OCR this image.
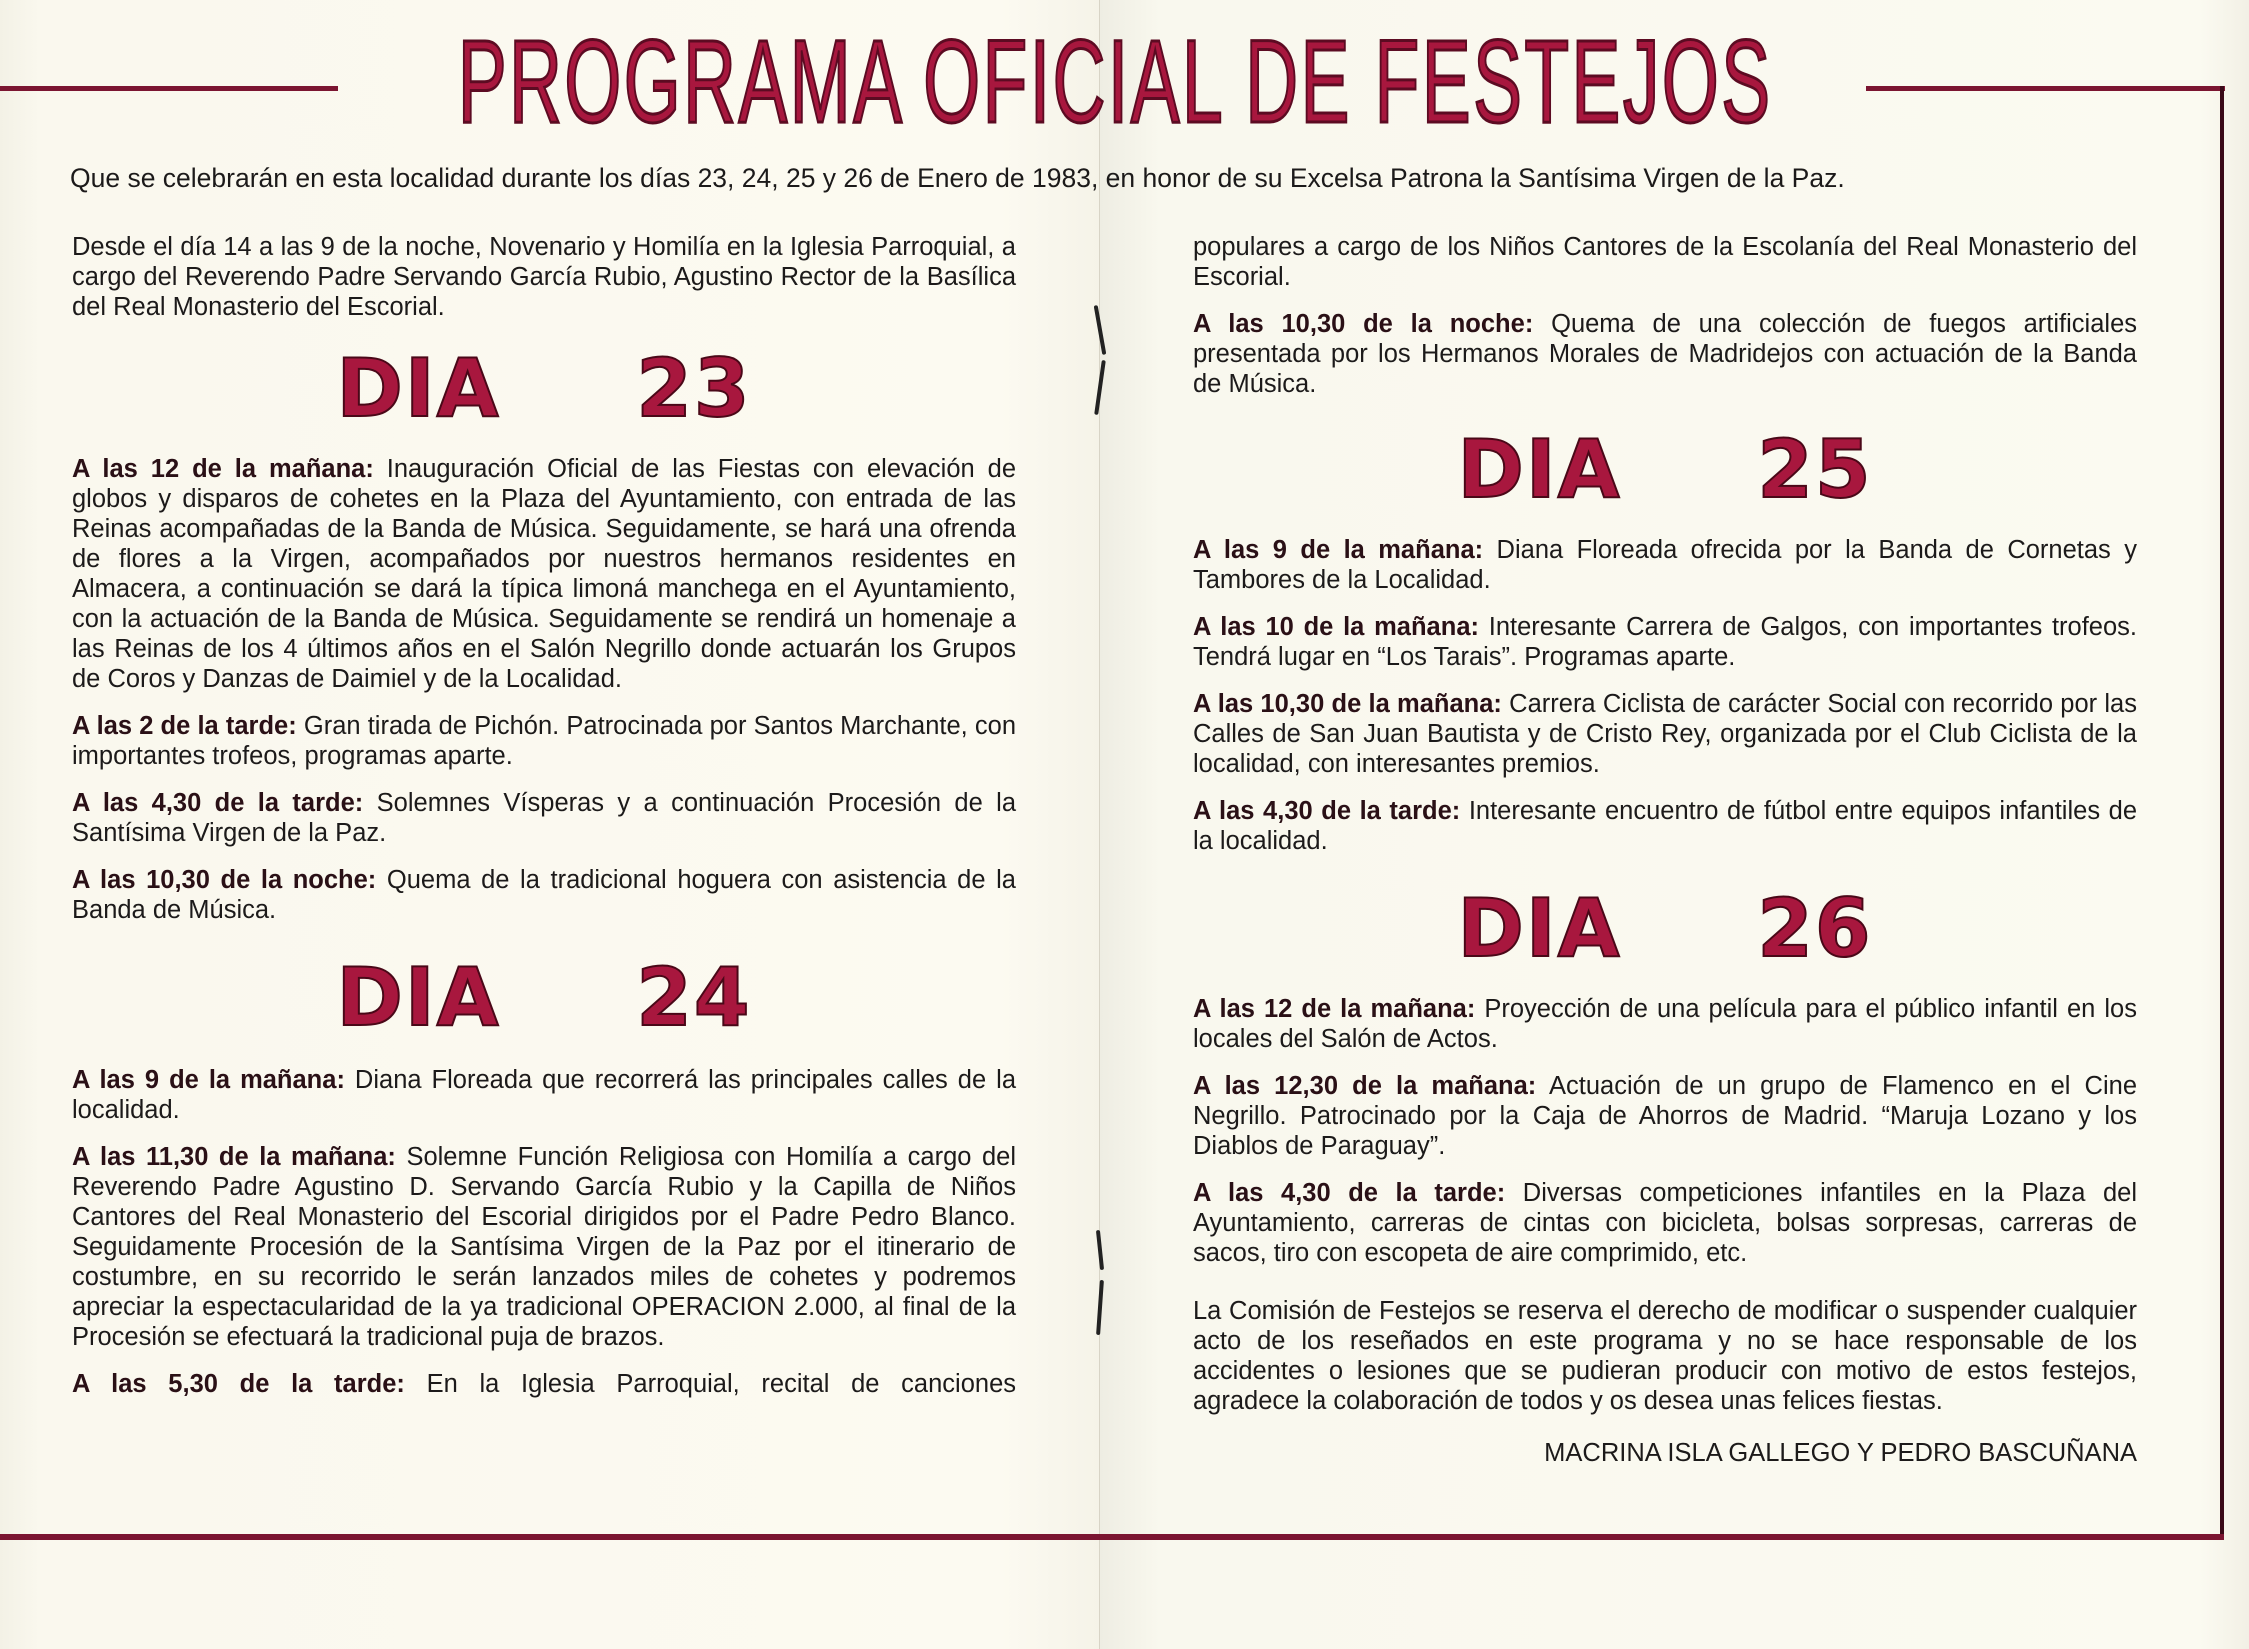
PROGRAMA OFICIAL DE FESTEJOS
Que se celebrarán en esta localidad durante los días 23, 24, 25 y 26 de Enero de 1983, en honor de su Excelsa Patrona la Santísima Virgen de la Paz.

Desde el día 14 a las 9 de la noche, Novenario y Homilía en la Iglesia Parroquial, a cargo del Reverendo Padre Servando García Rubio, Agustino Rector de la Basílica del Real Monasterio del Escorial.

DIA  23

A las 12 de la mañana: Inauguración Oficial de las Fiestas con elevación de globos y disparos de cohetes en la Plaza del Ayuntamiento, con entrada de las Reinas acompañadas de la Banda de Música. Seguidamente, se hará una ofrenda de flores a la Virgen, acompañados por nuestros hermanos residentes en Almacera, a continuación se dará la típica limoná manchega en el Ayuntamiento, con la actuación de la Banda de Música. Seguidamente se rendirá un homenaje a las Reinas de los 4 últimos años en el Salón Negrillo donde actuarán los Grupos de Coros y Danzas de Daimiel y de la Localidad.

A las 2 de la tarde: Gran tirada de Pichón. Patrocinada por Santos Marchante, con importantes trofeos, programas aparte.

A las 4,30 de la tarde: Solemnes Vísperas y a continuación Procesión de la Santísima Virgen de la Paz.

A las 10,30 de la noche: Quema de la tradicional hoguera con asistencia de la Banda de Música.

DIA  24

A las 9 de la mañana: Diana Floreada que recorrerá las principales calles de la localidad.

A las 11,30 de la mañana: Solemne Función Religiosa con Homilía a cargo del Reverendo Padre Agustino D. Servando García Rubio y la Capilla de Niños Cantores del Real Monasterio del Escorial dirigidos por el Padre Pedro Blanco. Seguidamente Procesión de la Santísima Virgen de la Paz por el itinerario de costumbre, en su recorrido le serán lanzados miles de cohetes y podremos apreciar la espectacularidad de la ya tradicional OPERACION 2.000, al final de la Procesión se efectuará la tradicional puja de brazos.

A las 5,30 de la tarde: En la Iglesia Parroquial, recital de canciones

populares a cargo de los Niños Cantores de la Escolanía del Real Monasterio del Escorial.

A las 10,30 de la noche: Quema de una colección de fuegos artificiales presentada por los Hermanos Morales de Madridejos con actuación de la Banda de Música.

DIA  25

A las 9 de la mañana: Diana Floreada ofrecida por la Banda de Cornetas y Tambores de la Localidad.

A las 10 de la mañana: Interesante Carrera de Galgos, con importantes trofeos. Tendrá lugar en “Los Tarais”. Programas aparte.

A las 10,30 de la mañana: Carrera Ciclista de carácter Social con recorrido por las Calles de San Juan Bautista y de Cristo Rey, organizada por el Club Ciclista de la localidad, con interesantes premios.

A las 4,30 de la tarde: Interesante encuentro de fútbol entre equipos infantiles de la localidad.

DIA  26

A las 12 de la mañana: Proyección de una película para el público infantil en los locales del Salón de Actos.

A las 12,30 de la mañana: Actuación de un grupo de Flamenco en el Cine Negrillo. Patrocinado por la Caja de Ahorros de Madrid. “Maruja Lozano y los Diablos de Paraguay”.

A las 4,30 de la tarde: Diversas competiciones infantiles en la Plaza del Ayuntamiento, carreras de cintas con bicicleta, bolsas sorpresas, carreras de sacos, tiro con escopeta de aire comprimido, etc.

La Comisión de Festejos se reserva el derecho de modificar o suspender cualquier acto de los reseñados en este programa y no se hace responsable de los accidentes o lesiones que se pudieran producir con motivo de estos festejos, agradece la colaboración de todos y os desea unas felices fiestas.

MACRINA ISLA GALLEGO Y PEDRO BASCUÑANA
